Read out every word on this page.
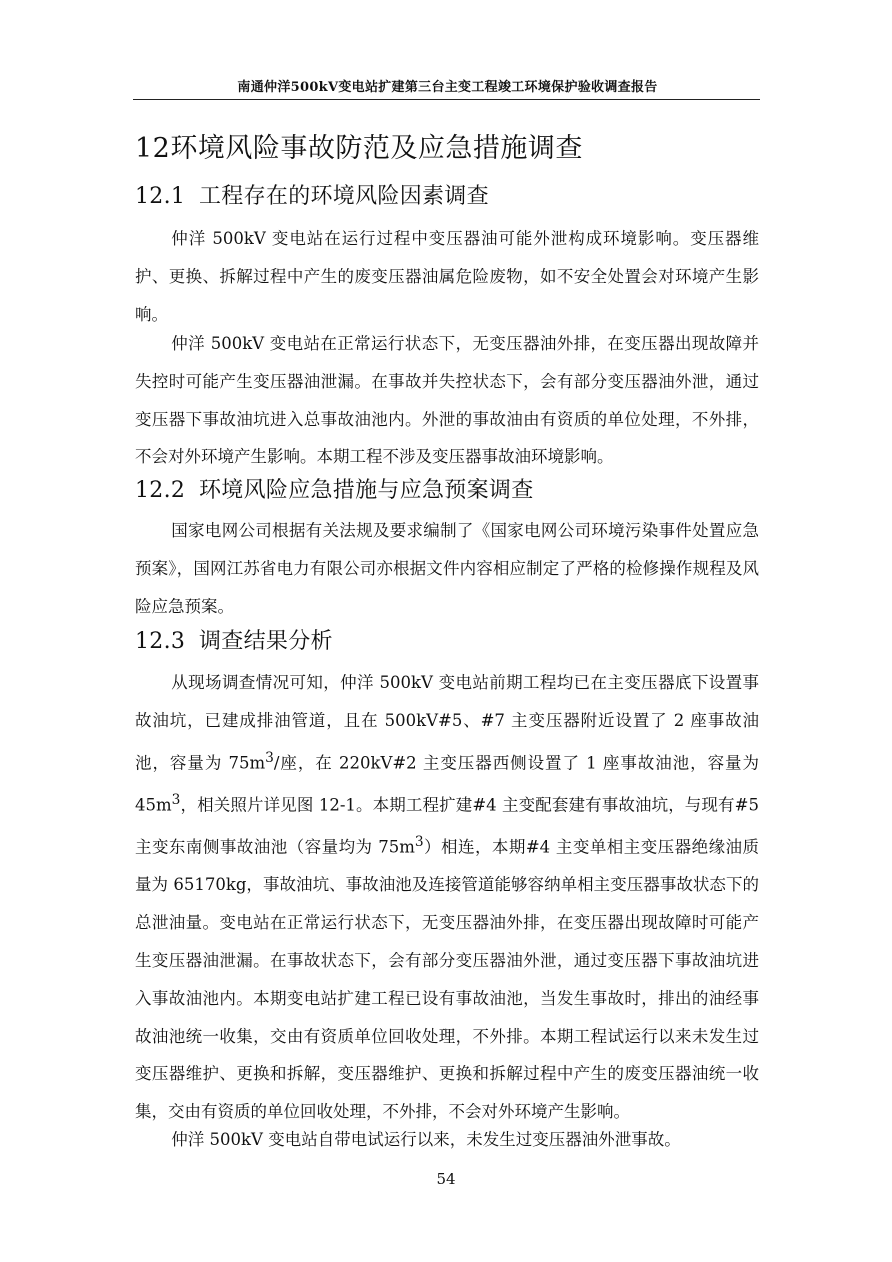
南通仲洋500kV变电站扩建第三台主变工程竣工环境保护验收调查报告
12环境风险事故防范及应急措施调查
12.1 工程存在的环境风险因素调查

仲洋 500kV 变电站在运行过程中变压器油可能外泄构成环境影响。变压器维护、更换、拆解过程中产生的废变压器油属危险废物，如不安全处置会对环境产生影响。

仲洋 500kV 变电站在正常运行状态下，无变压器油外排，在变压器出现故障并失控时可能产生变压器油泄漏。在事故并失控状态下，会有部分变压器油外泄，通过变压器下事故油坑进入总事故油池内。外泄的事故油由有资质的单位处理，不外排，不会对外环境产生影响。本期工程不涉及变压器事故油环境影响。

12.2 环境风险应急措施与应急预案调查

国家电网公司根据有关法规及要求编制了《国家电网公司环境污染事件处置应急预案》，国网江苏省电力有限公司亦根据文件内容相应制定了严格的检修操作规程及风险应急预案。

12.3 调查结果分析

从现场调查情况可知，仲洋 500kV 变电站前期工程均已在主变压器底下设置事故油坑，已建成排油管道，且在 500kV#5、#7 主变压器附近设置了 2 座事故油池，容量为 $75m^3/$座，在 220kV#2 主变压器西侧设置了 1 座事故油池，容量为 $45m^3$，相关照片详见图 12-1。本期工程扩建#4 主变配套建有事故油坑，与现有#5 主变东南侧事故油池（容量均为 $75m^3$）相连，本期#4 主变单相主变压器绝缘油质量为 65170kg，事故油坑、事故油池及连接管道能够容纳单相主变压器事故状态下的总泄油量。变电站在正常运行状态下，无变压器油外排，在变压器出现故障时可能产生变压器油泄漏。在事故状态下，会有部分变压器油外泄，通过变压器下事故油坑进入事故油池内。本期变电站扩建工程已设有事故油池，当发生事故时，排出的油经事故油池统一收集，交由有资质单位回收处理，不外排。本期工程试运行以来未发生过变压器维护、更换和拆解，变压器维护、更换和拆解过程中产生的废变压器油统一收集，交由有资质的单位回收处理，不外排，不会对外环境产生影响。

仲洋 500kV 变电站自带电试运行以来，未发生过变压器油外泄事故。

54
